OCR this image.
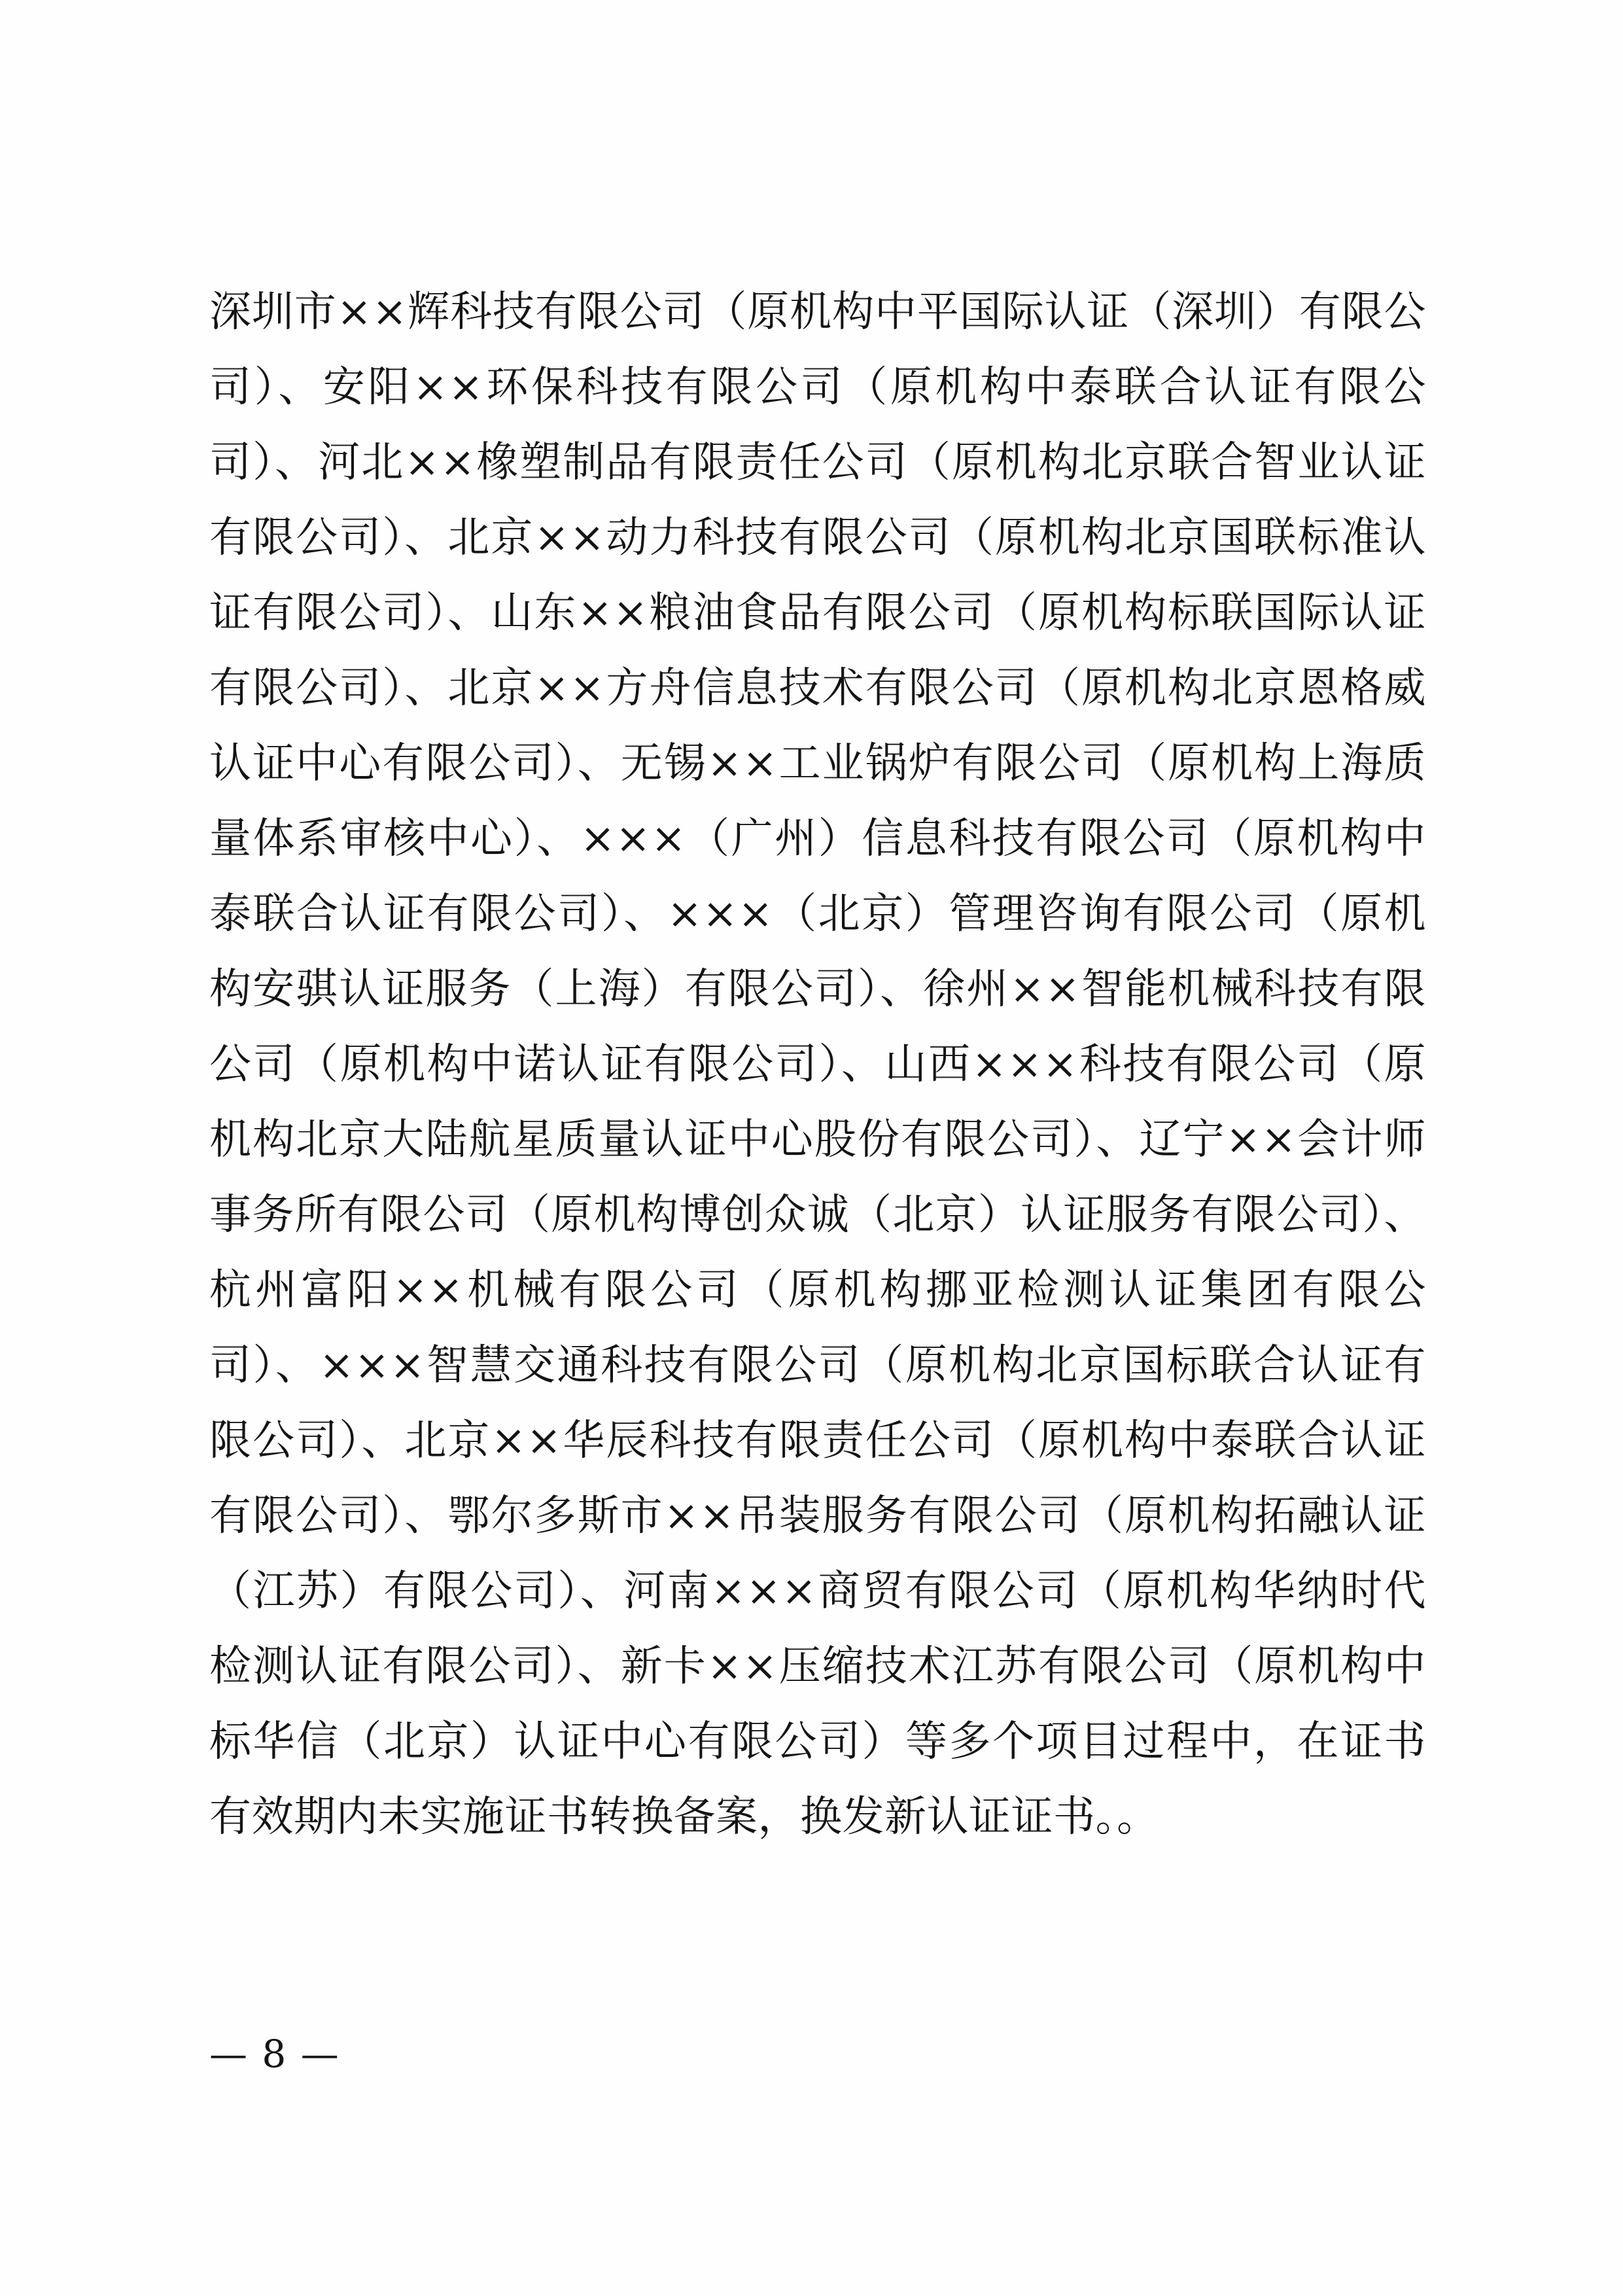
深圳市××辉科技有限公司（原机构中平国际认证（深圳）有限公司）、安阳××环保科技有限公司（原机构中泰联合认证有限公司）、河北××橡塑制品有限责任公司（原机构北京联合智业认证有限公司）、北京××动力科技有限公司（原机构北京国联标准认证有限公司）、山东××粮油食品有限公司（原机构标联国际认证有限公司）、北京××方舟信息技术有限公司（原机构北京恩格威认证中心有限公司）、无锡××工业锅炉有限公司（原机构上海质量体系审核中心）、×××（广州）信息科技有限公司（原机构中泰联合认证有限公司）、×××（北京）管理咨询有限公司（原机构安骐认证服务（上海）有限公司）、徐州××智能机械科技有限公司（原机构中诺认证有限公司）、山西×××科技有限公司（原机构北京大陆航星质量认证中心股份有限公司）、辽宁××会计师事务所有限公司（原机构博创众诚（北京）认证服务有限公司）、杭州富阳××机械有限公司（原机构挪亚检测认证集团有限公司）、×××智慧交通科技有限公司（原机构北京国标联合认证有限公司）、北京××华辰科技有限责任公司（原机构中泰联合认证有限公司）、鄂尔多斯市××吊装服务有限公司（原机构拓融认证（江苏）有限公司）、河南×××商贸有限公司（原机构华纳时代检测认证有限公司）、新卡××压缩技术江苏有限公司（原机构中标华信（北京）认证中心有限公司）等多个项目过程中，在证书有效期内未实施证书转换备案，换发新认证证书。。
— 8 —
